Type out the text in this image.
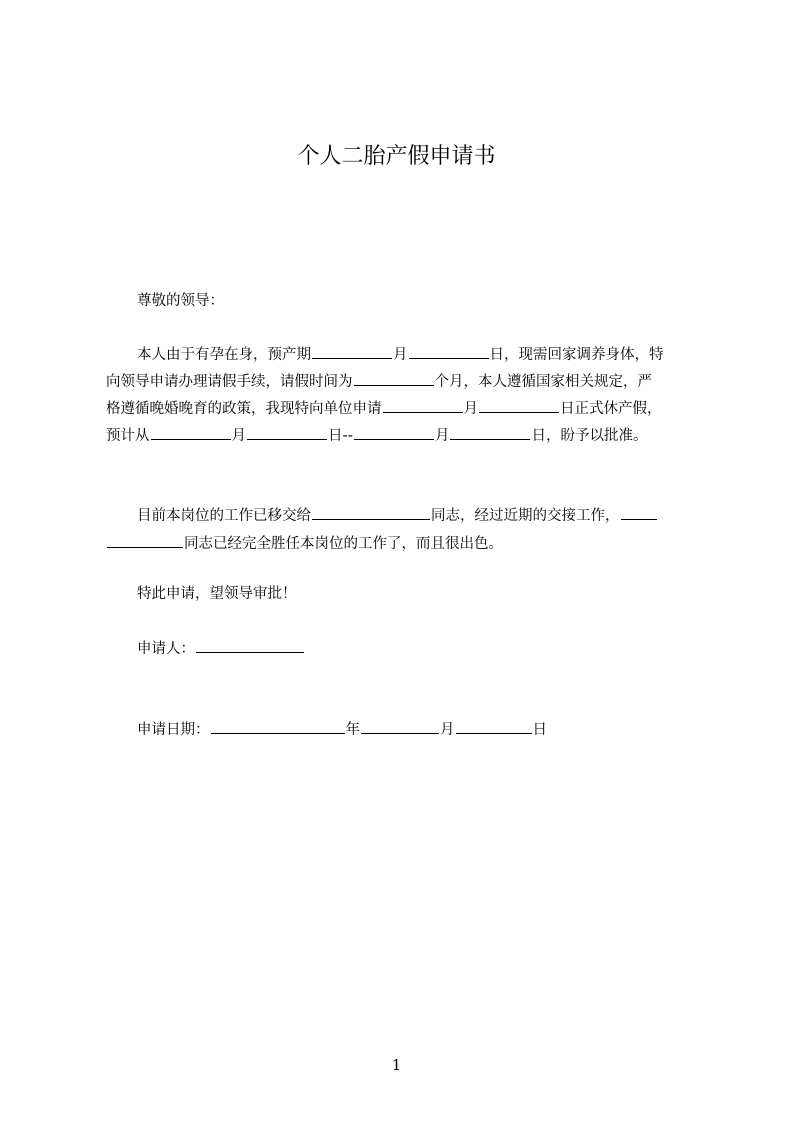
个人二胎产假申请书
尊敬的领导：
本人由于有孕在身，预产期	月	日，现需回家调养身体，特
向领导申请办理请假手续，请假时间为	个月，本人遵循国家相关规定，严
格遵循晚婚晚育的政策，我现特向单位申请	月	日正式休产假，
预计从	月	日--	月	日，盼予以批准。
目前本岗位的工作已移交给	同志，经过近期的交接工作，
同志已经完全胜任本岗位的工作了，而且很出色。
特此申请，望领导审批！
申请人：
申请日期：	年	月	日
1
